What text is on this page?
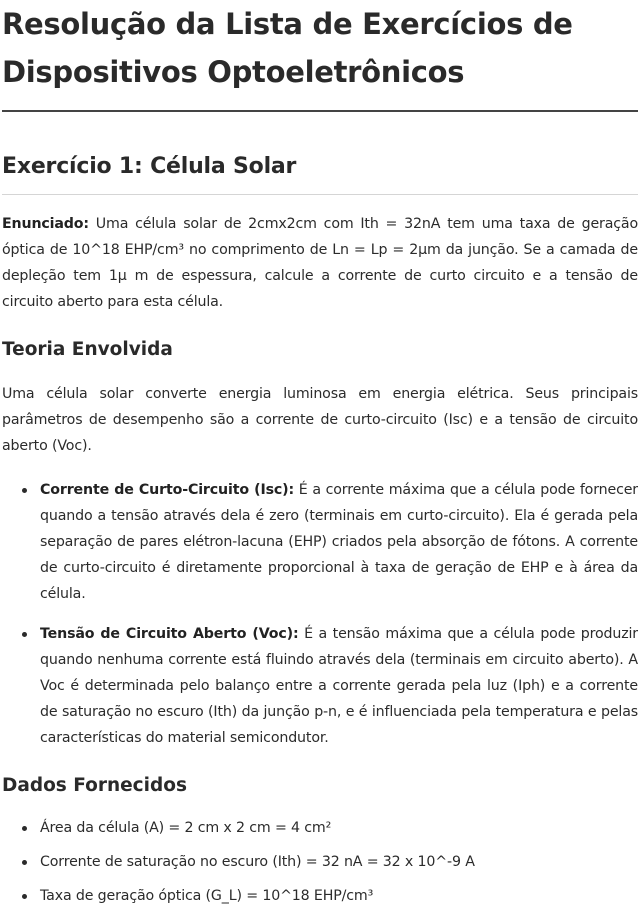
Resolução da Lista de Exercícios de Dispositivos Optoeletrônicos
Exercício 1: Célula Solar

Enunciado: Uma célula solar de 2cmx2cm com Ith = 32nA tem uma taxa de geração óptica de 10^18 EHP/cm³ no comprimento de Ln = Lp = 2μm da junção. Se a camada de depleção tem 1μ m de espessura, calcule a corrente de curto circuito e a tensão de circuito aberto para esta célula.

Teoria Envolvida

Uma célula solar converte energia luminosa em energia elétrica. Seus principais parâmetros de desempenho são a corrente de curto-circuito (Isc) e a tensão de circuito aberto (Voc).

Corrente de Curto-Circuito (Isc): É a corrente máxima que a célula pode fornecer quando a tensão através dela é zero (terminais em curto-circuito). Ela é gerada pela separação de pares elétron-lacuna (EHP) criados pela absorção de fótons. A corrente de curto-circuito é diretamente proporcional à taxa de geração de EHP e à área da célula.
Tensão de Circuito Aberto (Voc): É a tensão máxima que a célula pode produzir quando nenhuma corrente está fluindo através dela (terminais em circuito aberto). A Voc é determinada pelo balanço entre a corrente gerada pela luz (Iph) e a corrente de saturação no escuro (Ith) da junção p-n, e é influenciada pela temperatura e pelas características do material semicondutor.
Dados Fornecidos
Área da célula (A) = 2 cm x 2 cm = 4 cm²
Corrente de saturação no escuro (Ith) = 32 nA = 32 x 10^-9 A
Taxa de geração óptica (G_L) = 10^18 EHP/cm³
